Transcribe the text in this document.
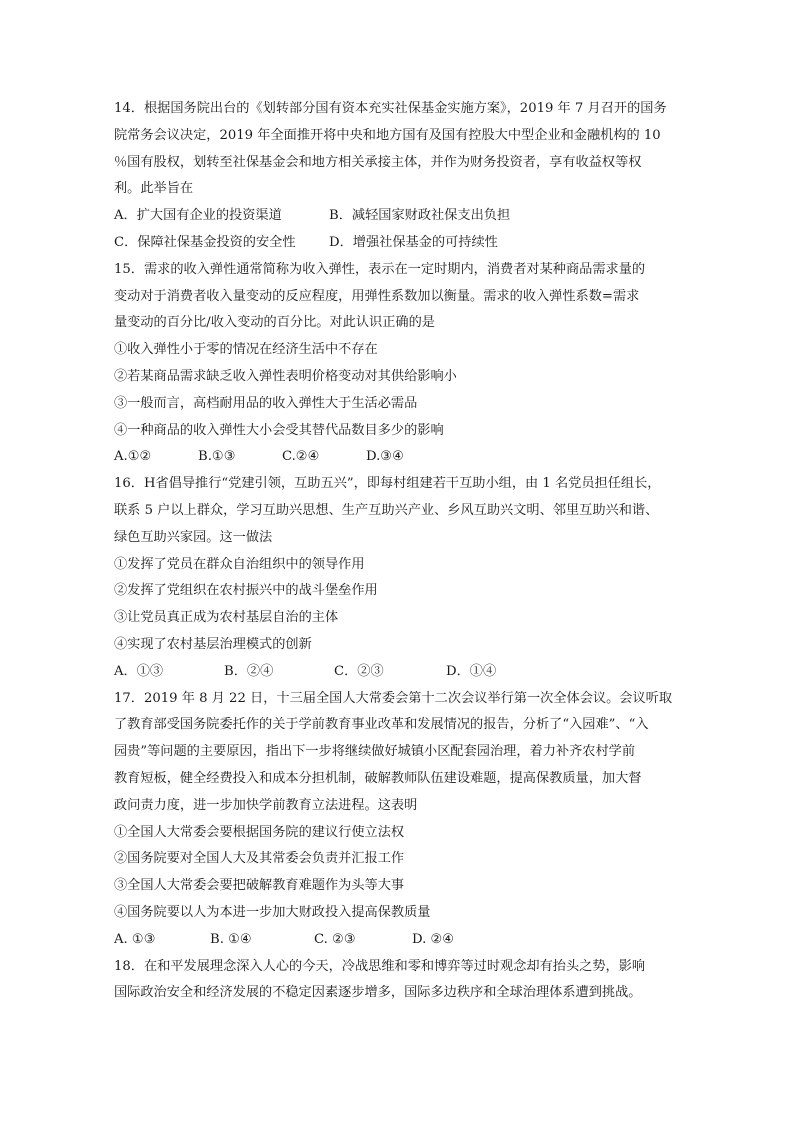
14．根据国务院出台的《划转部分国有资本充实社保基金实施方案》，2019 年 7 月召开的国务
院常务会议决定，2019 年全面推开将中央和地方国有及国有控股大中型企业和金融机构的 10
％国有股权，划转至社保基金会和地方相关承接主体，并作为财务投资者，享有收益权等权
利。此举旨在

A．扩大国有企业的投资渠道	B．减轻国家财政社保支出负担
C．保障社保基金投资的安全性	D．增强社保基金的可持续性

15．需求的收入弹性通常简称为收入弹性，表示在一定时期内，消费者对某种商品需求量的
变动对于消费者收入量变动的反应程度，用弹性系数加以衡量。需求的收入弹性系数=需求
量变动的百分比/收入变动的百分比。对此认识正确的是

①收入弹性小于零的情况在经济生活中不存在

②若某商品需求缺乏收入弹性表明价格变动对其供给影响小

③一般而言，高档耐用品的收入弹性大于生活必需品

④一种商品的收入弹性大小会受其替代品数目多少的影响

A.①②	B.①③	C.②④	D.③④

16．H省倡导推行“党建引领，互助五兴”，即每村组建若干互助小组，由 1 名党员担任组长，
联系 5 户以上群众，学习互助兴思想、生产互助兴产业、乡风互助兴文明、邻里互助兴和谐、
绿色互助兴家园。这一做法

①发挥了党员在群众自治组织中的领导作用

②发挥了党组织在农村振兴中的战斗堡垒作用

③让党员真正成为农村基层自治的主体

④实现了农村基层治理模式的创新

A．①③	B．②④	C．②③	D．①④

17．2019 年 8 月 22 日，十三届全国人大常委会第十二次会议举行第一次全体会议。会议听取
了教育部受国务院委托作的关于学前教育事业改革和发展情况的报告，分析了“入园难”、“入
园贵”等问题的主要原因，指出下一步将继续做好城镇小区配套园治理，着力补齐农村学前
教育短板，健全经费投入和成本分担机制，破解教师队伍建设难题，提高保教质量，加大督
政问责力度，进一步加快学前教育立法进程。这表明

①全国人大常委会要根据国务院的建议行使立法权

②国务院要对全国人大及其常委会负责并汇报工作

③全国人大常委会要把破解教育难题作为头等大事

④国务院要以人为本进一步加大财政投入提高保教质量

A. ①③	B. ①④	C. ②③	D. ②④

18．在和平发展理念深入人心的今天，冷战思维和零和博弈等过时观念却有抬头之势，影响
国际政治安全和经济发展的不稳定因素逐步增多，国际多边秩序和全球治理体系遭到挑战。
